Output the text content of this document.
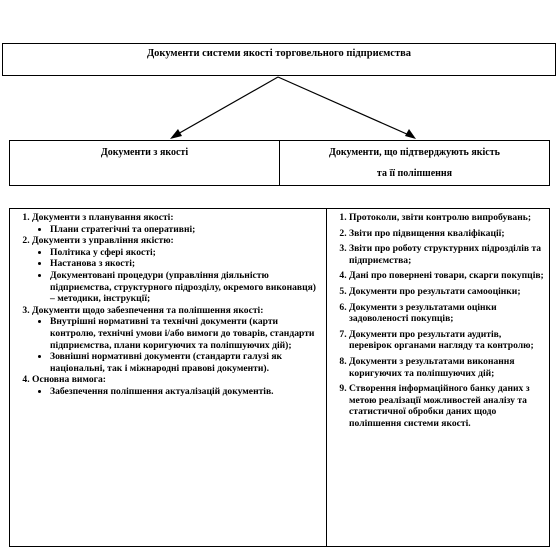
Документи системи якості торговельного підприємства
Документи з якості	Документи, що підтверджують якість
та її поліпшення
1. Документи з планування якості:
• Плани стратегічні та оперативні;
2. Документи з управління якістю:
• Політика у сфері якості;
• Настанова з якості;
• Документовані процедури (управління діяльністю підприємства, структурного підрозділу, окремого виконавця) – методики, інструкції;
3. Документи щодо забезпечення та поліпшення якості:
• Внутрішні нормативні та технічні документи (карти контролю, технічні умови і/або вимоги до товарів, стандарти підприємства, плани коригуючих та поліпшуючих дій);
• Зовнішні нормативні документи (стандарти галузі як національні, так і міжнародні правові документи).
4. Основна вимога:
• Забезпечення поліпшення актуалізацій документів.
1. Протоколи, звіти контролю випробувань;
2. Звіти про підвищення кваліфікації;
3. Звіти про роботу структурних підрозділів та підприємства;
4. Дані про повернені товари, скарги покупців;
5. Документи про результати самооцінки;
6. Документи з результатами оцінки задоволеності покупців;
7. Документи про результати аудитів, перевірок органами нагляду та контролю;
8. Документи з результатами виконання коригуючих та поліпшуючих дій;
9. Створення інформаційного банку даних з метою реалізації можливостей аналізу та статистичної обробки даних щодо поліпшення системи якості.
